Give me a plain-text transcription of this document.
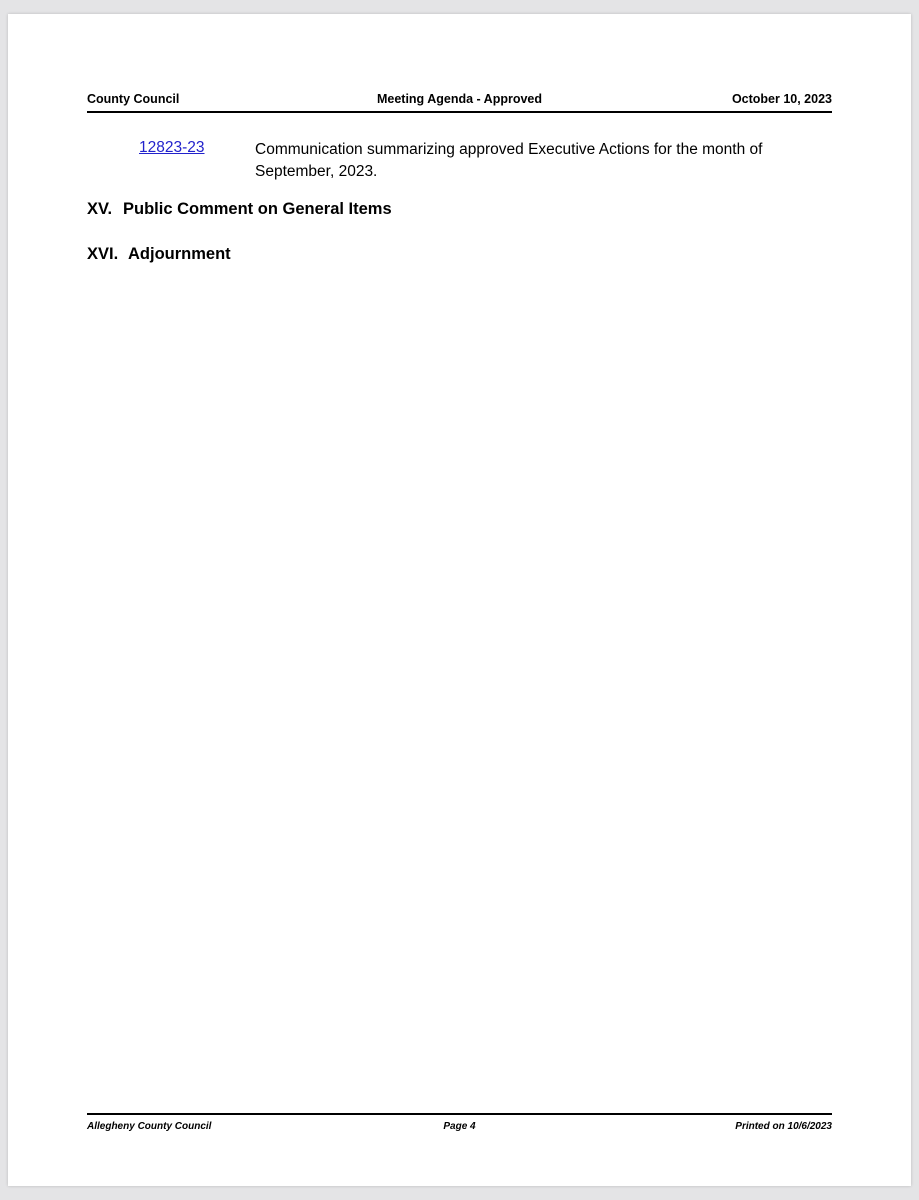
County Council	Meeting Agenda - Approved	October 10, 2023
12823-23	Communication summarizing approved Executive Actions for the month of September, 2023.
XV. Public Comment on General Items
XVI. Adjournment
Allegheny County Council	Page 4	Printed on 10/6/2023
